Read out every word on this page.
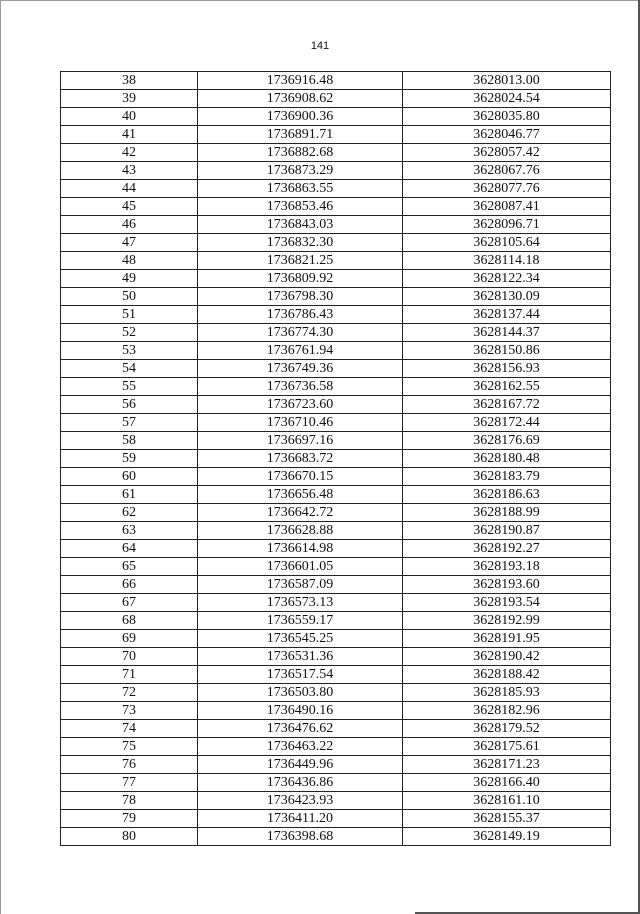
141
38	1736916.48	3628013.00
39	1736908.62	3628024.54
40	1736900.36	3628035.80
41	1736891.71	3628046.77
42	1736882.68	3628057.42
43	1736873.29	3628067.76
44	1736863.55	3628077.76
45	1736853.46	3628087.41
46	1736843.03	3628096.71
47	1736832.30	3628105.64
48	1736821.25	3628114.18
49	1736809.92	3628122.34
50	1736798.30	3628130.09
51	1736786.43	3628137.44
52	1736774.30	3628144.37
53	1736761.94	3628150.86
54	1736749.36	3628156.93
55	1736736.58	3628162.55
56	1736723.60	3628167.72
57	1736710.46	3628172.44
58	1736697.16	3628176.69
59	1736683.72	3628180.48
60	1736670.15	3628183.79
61	1736656.48	3628186.63
62	1736642.72	3628188.99
63	1736628.88	3628190.87
64	1736614.98	3628192.27
65	1736601.05	3628193.18
66	1736587.09	3628193.60
67	1736573.13	3628193.54
68	1736559.17	3628192.99
69	1736545.25	3628191.95
70	1736531.36	3628190.42
71	1736517.54	3628188.42
72	1736503.80	3628185.93
73	1736490.16	3628182.96
74	1736476.62	3628179.52
75	1736463.22	3628175.61
76	1736449.96	3628171.23
77	1736436.86	3628166.40
78	1736423.93	3628161.10
79	1736411.20	3628155.37
80	1736398.68	3628149.19
